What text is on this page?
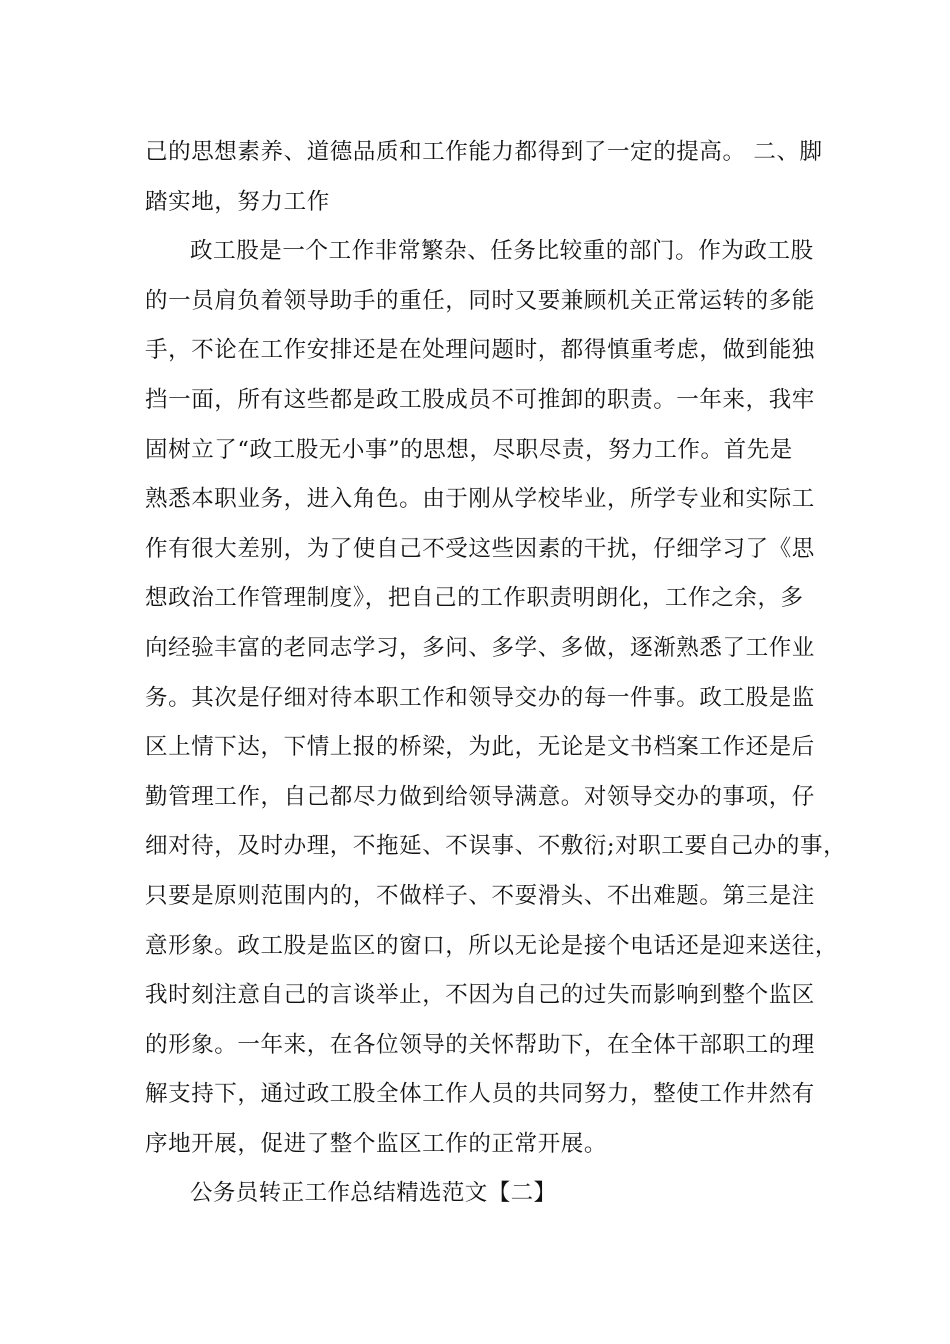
己的思想素养、道德品质和工作能力都得到了一定的提高。 二、脚
踏实地，努力工作
政工股是一个工作非常繁杂、任务比较重的部门。作为政工股
的一员肩负着领导助手的重任，同时又要兼顾机关正常运转的多能
手，不论在工作安排还是在处理问题时，都得慎重考虑，做到能独
挡一面，所有这些都是政工股成员不可推卸的职责。一年来，我牢
固树立了“政工股无小事”的思想，尽职尽责，努力工作。首先是
熟悉本职业务，进入角色。由于刚从学校毕业，所学专业和实际工
作有很大差别，为了使自己不受这些因素的干扰，仔细学习了《思
想政治工作管理制度》，把自己的工作职责明朗化，工作之余，多
向经验丰富的老同志学习，多问、多学、多做，逐渐熟悉了工作业
务。其次是仔细对待本职工作和领导交办的每一件事。政工股是监
区上情下达，下情上报的桥梁，为此，无论是文书档案工作还是后
勤管理工作，自己都尽力做到给领导满意。对领导交办的事项，仔
细对待，及时办理，不拖延、不误事、不敷衍;对职工要自己办的事，
只要是原则范围内的，不做样子、不耍滑头、不出难题。第三是注
意形象。政工股是监区的窗口，所以无论是接个电话还是迎来送往，
我时刻注意自己的言谈举止，不因为自己的过失而影响到整个监区
的形象。一年来，在各位领导的关怀帮助下，在全体干部职工的理
解支持下，通过政工股全体工作人员的共同努力，整使工作井然有
序地开展，促进了整个监区工作的正常开展。
公务员转正工作总结精选范文【二】
